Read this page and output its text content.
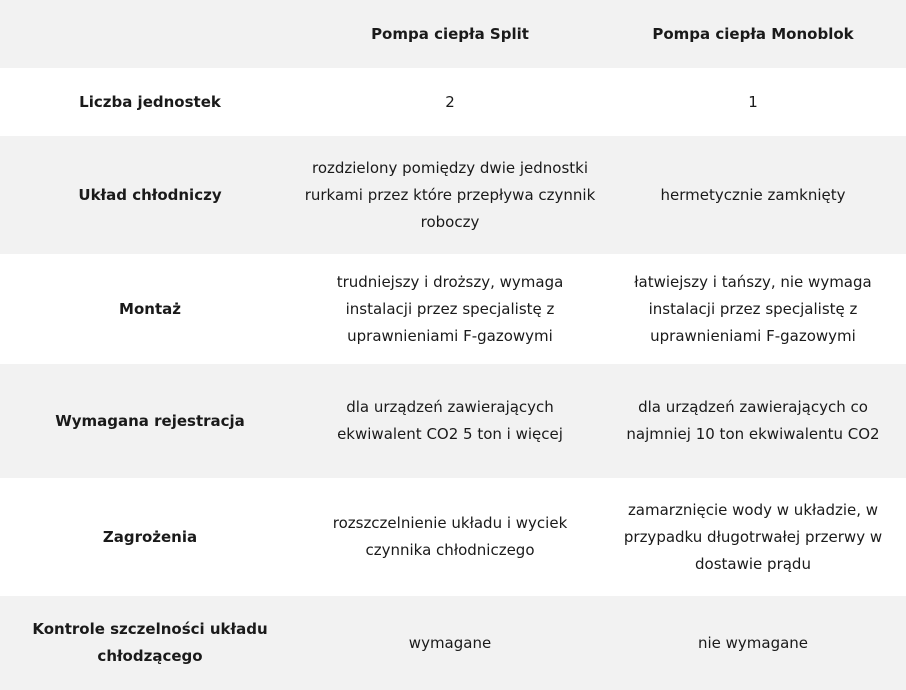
	Pompa ciepła Split	Pompa ciepła Monoblok
Liczba jednostek	2	1
Układ chłodniczy	rozdzielony pomiędzy dwie jednostki rurkami przez które przepływa czynnik roboczy	hermetycznie zamknięty
Montaż	trudniejszy i droższy, wymaga instalacji przez specjalistę z uprawnieniami F-gazowymi	łatwiejszy i tańszy, nie wymaga instalacji przez specjalistę z uprawnieniami F-gazowymi
Wymagana rejestracja	dla urządzeń zawierających ekwiwalent CO2 5 ton i więcej	dla urządzeń zawierających co najmniej 10 ton ekwiwalentu CO2
Zagrożenia	rozszczelnienie układu i wyciek czynnika chłodniczego	zamarznięcie wody w układzie, w przypadku długotrwałej przerwy w dostawie prądu
Kontrole szczelności układu chłodzącego	wymagane	nie wymagane
